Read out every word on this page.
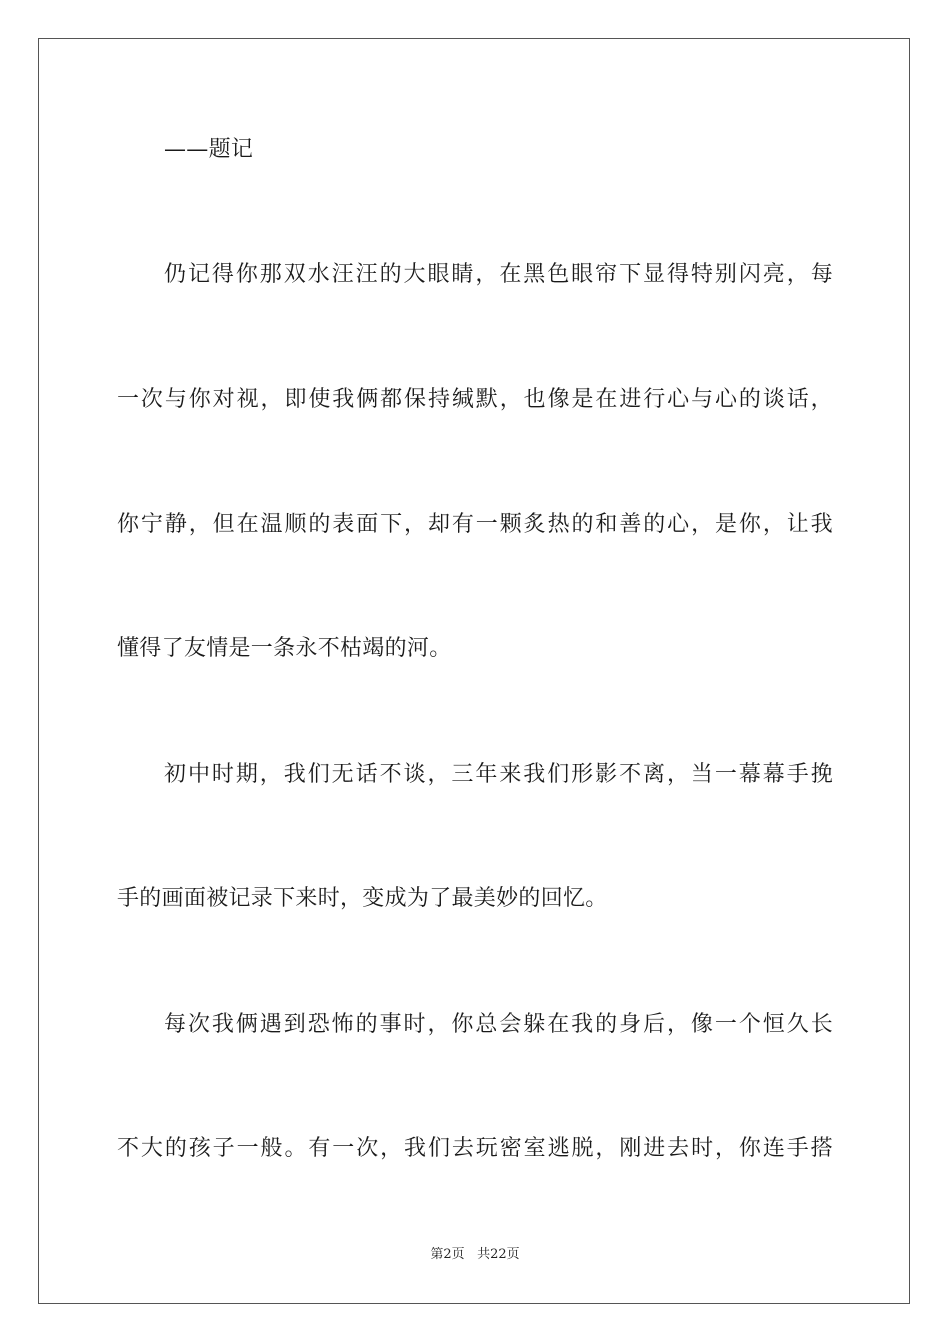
——题记
仍记得你那双水汪汪的大眼睛，在黑色眼帘下显得特别闪亮，每
一次与你对视，即使我俩都保持缄默，也像是在进行心与心的谈话，
你宁静，但在温顺的表面下，却有一颗炙热的和善的心，是你，让我
懂得了友情是一条永不枯竭的河。
初中时期，我们无话不谈，三年来我们形影不离，当一幕幕手挽
手的画面被记录下来时，变成为了最美妙的回忆。
每次我俩遇到恐怖的事时，你总会躲在我的身后，像一个恒久长
不大的孩子一般。有一次，我们去玩密室逃脱，刚进去时，你连手搭
第2页 共22页
